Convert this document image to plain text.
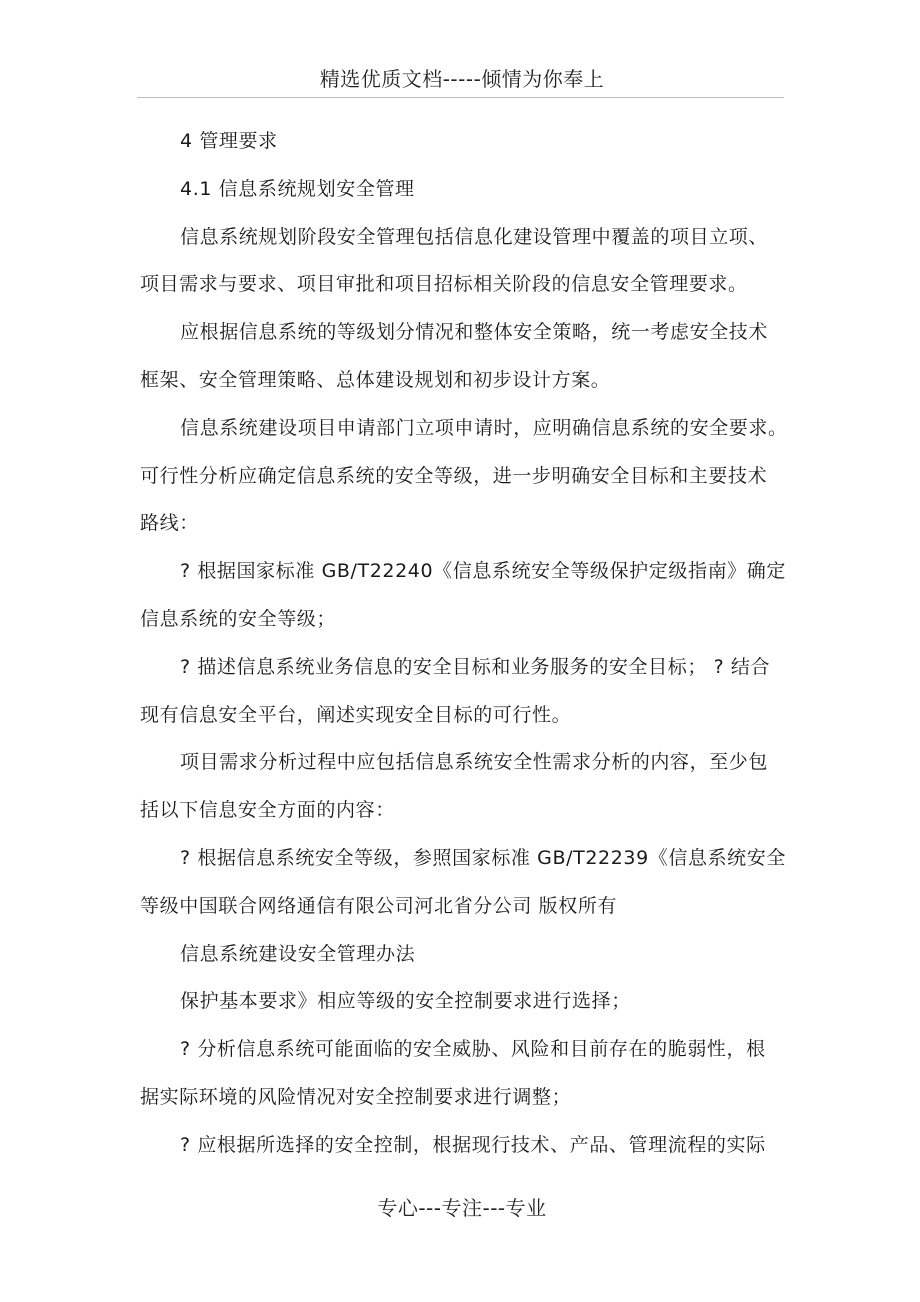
精选优质文档-----倾情为你奉上
4 管理要求
4.1 信息系统规划安全管理
信息系统规划阶段安全管理包括信息化建设管理中覆盖的项目立项、
项目需求与要求、项目审批和项目招标相关阶段的信息安全管理要求。
应根据信息系统的等级划分情况和整体安全策略，统一考虑安全技术
框架、安全管理策略、总体建设规划和初步设计方案。
信息系统建设项目申请部门立项申请时，应明确信息系统的安全要求。
可行性分析应确定信息系统的安全等级，进一步明确安全目标和主要技术
路线：
? 根据国家标准 GB/T22240《信息系统安全等级保护定级指南》确定
信息系统的安全等级；
? 描述信息系统业务信息的安全目标和业务服务的安全目标； ? 结合
现有信息安全平台，阐述实现安全目标的可行性。
项目需求分析过程中应包括信息系统安全性需求分析的内容，至少包
括以下信息安全方面的内容：
? 根据信息系统安全等级，参照国家标准 GB/T22239《信息系统安全
等级中国联合网络通信有限公司河北省分公司 版权所有
信息系统建设安全管理办法
保护基本要求》相应等级的安全控制要求进行选择；
? 分析信息系统可能面临的安全威胁、风险和目前存在的脆弱性，根
据实际环境的风险情况对安全控制要求进行调整；
? 应根据所选择的安全控制，根据现行技术、产品、管理流程的实际
专心---专注---专业
